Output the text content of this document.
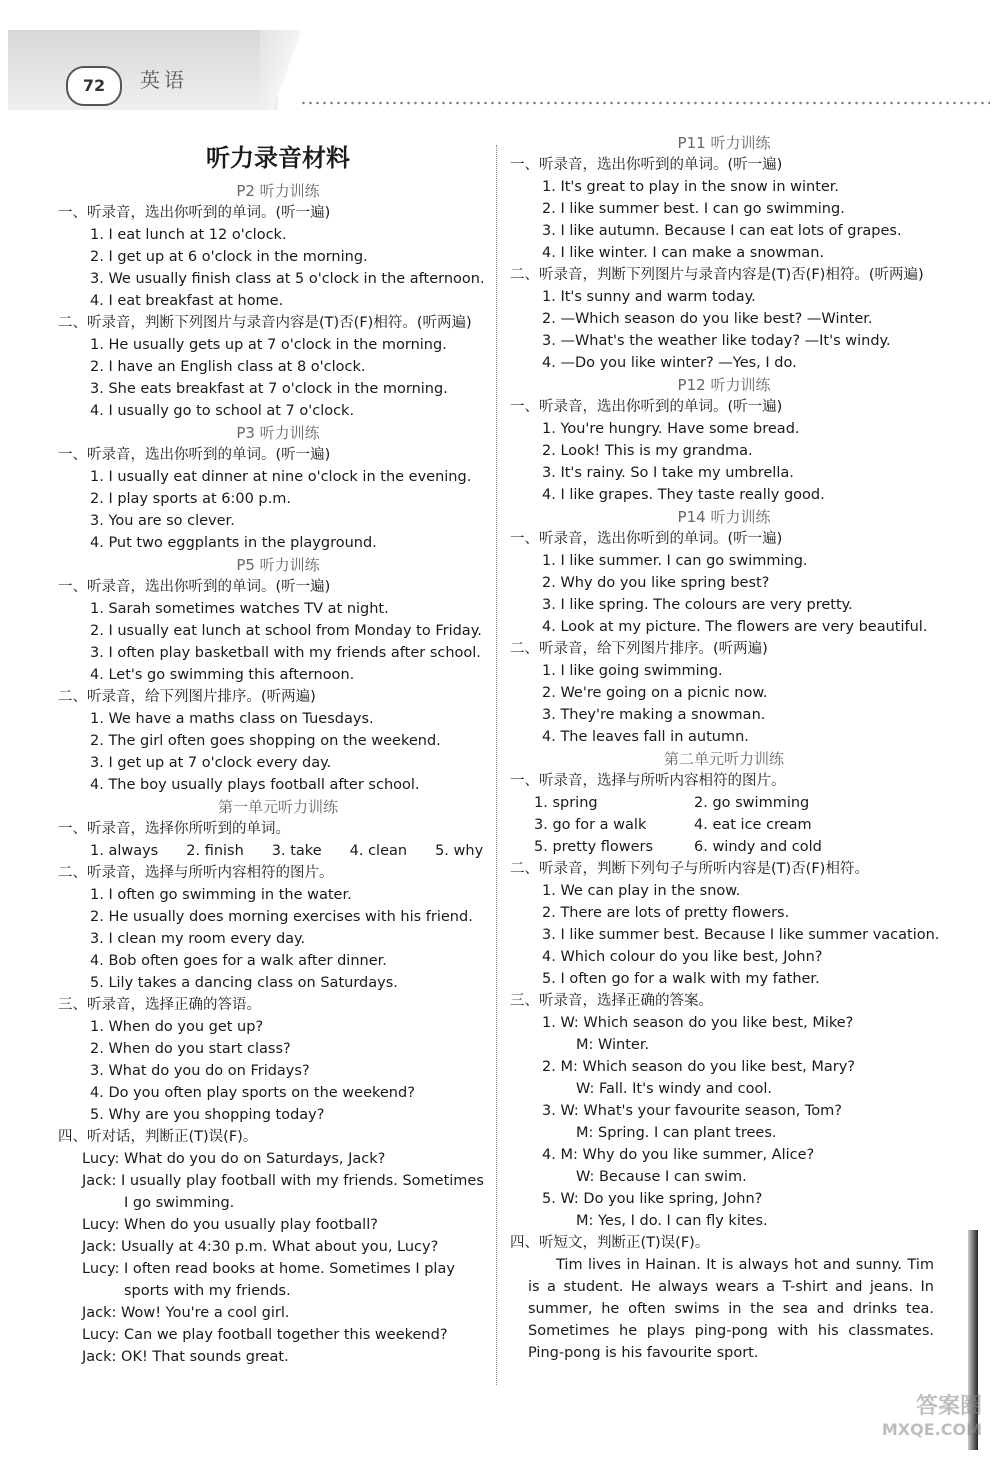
72	英语
听力录音材料
P2 听力训练
一、听录音，选出你听到的单词。(听一遍)
1. I eat lunch at 12 o'clock.
2. I get up at 6 o'clock in the morning.
3. We usually finish class at 5 o'clock in the afternoon.
4. I eat breakfast at home.
二、听录音，判断下列图片与录音内容是(T)否(F)相符。(听两遍)
1. He usually gets up at 7 o'clock in the morning.
2. I have an English class at 8 o'clock.
3. She eats breakfast at 7 o'clock in the morning.
4. I usually go to school at 7 o'clock.
P3 听力训练
一、听录音，选出你听到的单词。(听一遍)
1. I usually eat dinner at nine o'clock in the evening.
2. I play sports at 6:00 p.m.
3. You are so clever.
4. Put two eggplants in the playground.
P5 听力训练
一、听录音，选出你听到的单词。(听一遍)
1. Sarah sometimes watches TV at night.
2. I usually eat lunch at school from Monday to Friday.
3. I often play basketball with my friends after school.
4. Let's go swimming this afternoon.
二、听录音，给下列图片排序。(听两遍)
1. We have a maths class on Tuesdays.
2. The girl often goes shopping on the weekend.
3. I get up at 7 o'clock every day.
4. The boy usually plays football after school.
第一单元听力训练
一、听录音，选择你所听到的单词。
1. always 2. finish 3. take 4. clean 5. why
二、听录音，选择与所听内容相符的图片。
1. I often go swimming in the water.
2. He usually does morning exercises with his friend.
3. I clean my room every day.
4. Bob often goes for a walk after dinner.
5. Lily takes a dancing class on Saturdays.
三、听录音，选择正确的答语。
1. When do you get up?
2. When do you start class?
3. What do you do on Fridays?
4. Do you often play sports on the weekend?
5. Why are you shopping today?
四、听对话，判断正(T)误(F)。
Lucy: What do you do on Saturdays, Jack?
Jack: I usually play football with my friends. Sometimes
I go swimming.
Lucy: When do you usually play football?
Jack: Usually at 4:30 p.m. What about you, Lucy?
Lucy: I often read books at home. Sometimes I play
sports with my friends.
Jack: Wow! You're a cool girl.
Lucy: Can we play football together this weekend?
Jack: OK! That sounds great.
P11 听力训练
一、听录音，选出你听到的单词。(听一遍)
1. It's great to play in the snow in winter.
2. I like summer best. I can go swimming.
3. I like autumn. Because I can eat lots of grapes.
4. I like winter. I can make a snowman.
二、听录音，判断下列图片与录音内容是(T)否(F)相符。(听两遍)
1. It's sunny and warm today.
2. —Which season do you like best? —Winter.
3. —What's the weather like today? —It's windy.
4. —Do you like winter? —Yes, I do.
P12 听力训练
一、听录音，选出你听到的单词。(听一遍)
1. You're hungry. Have some bread.
2. Look! This is my grandma.
3. It's rainy. So I take my umbrella.
4. I like grapes. They taste really good.
P14 听力训练
一、听录音，选出你听到的单词。(听一遍)
1. I like summer. I can go swimming.
2. Why do you like spring best?
3. I like spring. The colours are very pretty.
4. Look at my picture. The flowers are very beautiful.
二、听录音，给下列图片排序。(听两遍)
1. I like going swimming.
2. We're going on a picnic now.
3. They're making a snowman.
4. The leaves fall in autumn.
第二单元听力训练
一、听录音，选择与所听内容相符的图片。
1. spring	2. go swimming
3. go for a walk	4. eat ice cream
5. pretty flowers	6. windy and cold
二、听录音，判断下列句子与所听内容是(T)否(F)相符。
1. We can play in the snow.
2. There are lots of pretty flowers.
3. I like summer best. Because I like summer vacation.
4. Which colour do you like best, John?
5. I often go for a walk with my father.
三、听录音，选择正确的答案。
1. W: Which season do you like best, Mike?
M: Winter.
2. M: Which season do you like best, Mary?
W: Fall. It's windy and cool.
3. W: What's your favourite season, Tom?
M: Spring. I can plant trees.
4. M: Why do you like summer, Alice?
W: Because I can swim.
5. W: Do you like spring, John?
M: Yes, I do. I can fly kites.
四、听短文，判断正(T)误(F)。
Tim lives in Hainan. It is always hot and sunny. Tim is a student. He always wears a T-shirt and jeans. In summer, he often swims in the sea and drinks tea. Sometimes he plays ping-pong with his classmates. Ping-pong is his favourite sport.
答案圈
MXQE.COM
